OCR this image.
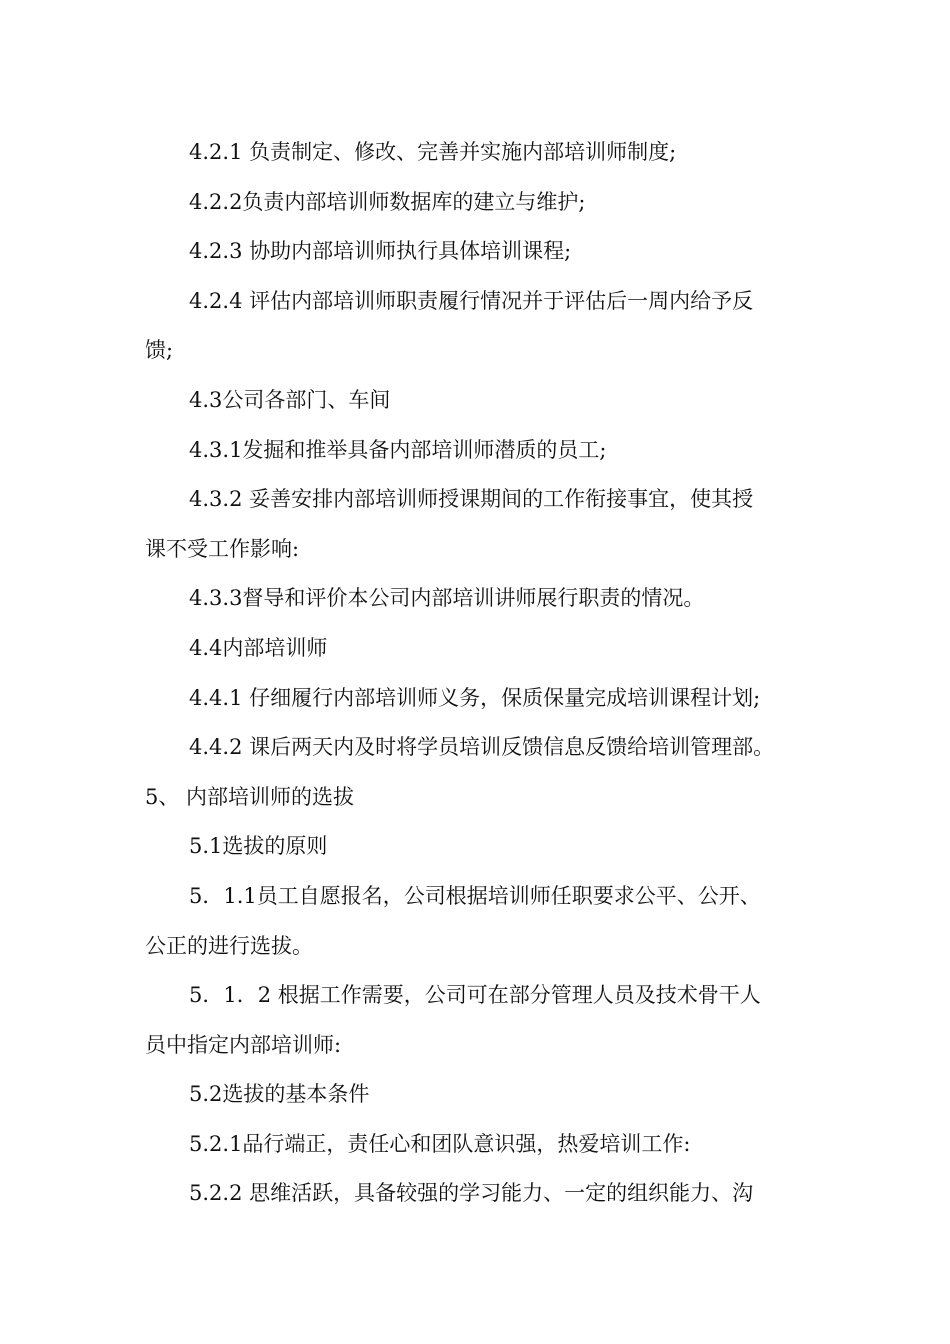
4.2.1 负责制定、修改、完善并实施内部培训师制度;
4.2.2负责内部培训师数据库的建立与维护;
4.2.3 协助内部培训师执行具体培训课程;
4.2.4 评估内部培训师职责履行情况并于评估后一周内给予反
馈;
4.3公司各部门、车间
4.3.1发掘和推举具备内部培训师潜质的员工;
4.3.2 妥善安排内部培训师授课期间的工作衔接事宜，使其授
课不受工作影响:
4.3.3督导和评价本公司内部培训讲师展行职责的情况。
4.4内部培训师
4.4.1 仔细履行内部培训师义务，保质保量完成培训课程计划;
4.4.2 课后两天内及时将学员培训反馈信息反馈给培训管理部。
5、 内部培训师的选拔
5.1选拔的原则
5．1.1员工自愿报名，公司根据培训师任职要求公平、公开、
公正的进行选拔。
5．1．2 根据工作需要，公司可在部分管理人员及技术骨干人
员中指定内部培训师:
5.2选拔的基本条件
5.2.1品行端正，责任心和团队意识强，热爱培训工作:
5.2.2 思维活跃，具备较强的学习能力、一定的组织能力、沟
